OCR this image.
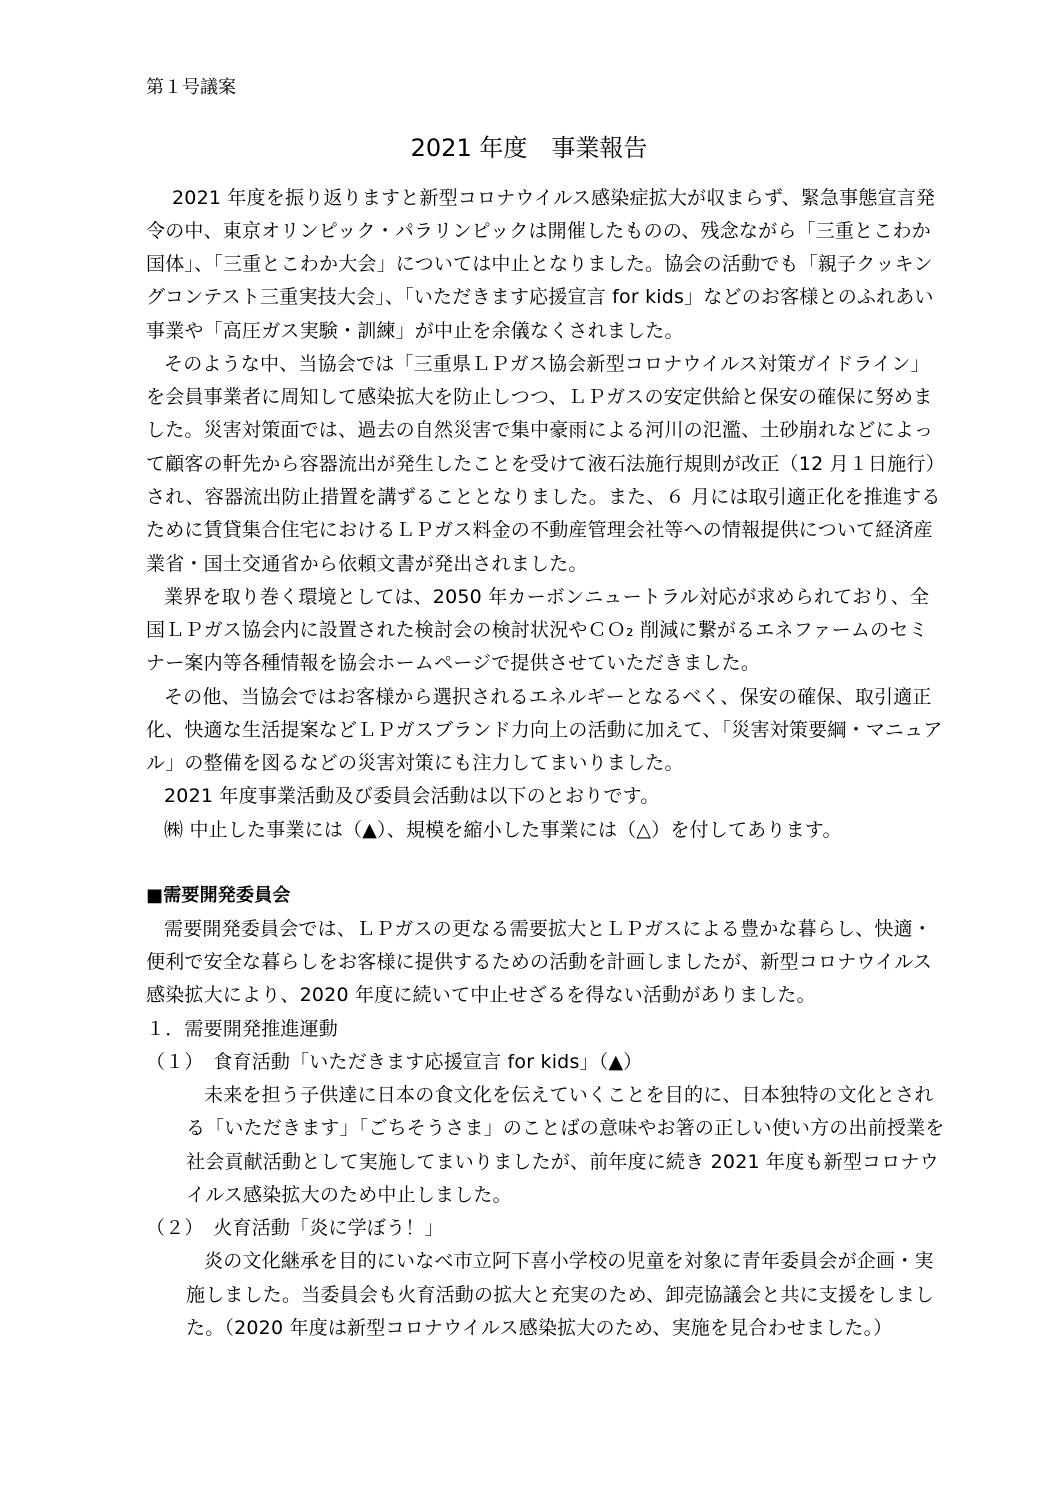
第１号議案
2021 年度　事業報告
2021 年度を振り返りますと新型コロナウイルス感染症拡大が収まらず、緊急事態宣言発
令の中、東京オリンピック・パラリンピックは開催したものの、残念ながら「三重とこわか
国体」、「三重とこわか大会」については中止となりました。協会の活動でも「親子クッキン
グコンテスト三重実技大会」、「いただきます応援宣言 for kids」などのお客様とのふれあい
事業や「高圧ガス実験・訓練」が中止を余儀なくされました。
そのような中、当協会では「三重県ＬＰガス協会新型コロナウイルス対策ガイドライン」
を会員事業者に周知して感染拡大を防止しつつ、ＬＰガスの安定供給と保安の確保に努めま
した。災害対策面では、過去の自然災害で集中豪雨による河川の氾濫、土砂崩れなどによっ
て顧客の軒先から容器流出が発生したことを受けて液石法施行規則が改正（12 月１日施行）
され、容器流出防止措置を講ずることとなりました。また、６ 月には取引適正化を推進する
ために賃貸集合住宅におけるＬＰガス料金の不動産管理会社等への情報提供について経済産
業省・国土交通省から依頼文書が発出されました。
業界を取り巻く環境としては、2050 年カーボンニュートラル対応が求められており、全
国ＬＰガス協会内に設置された検討会の検討状況やＣＯ₂ 削減に繋がるエネファームのセミ
ナー案内等各種情報を協会ホームページで提供させていただきました。
その他、当協会ではお客様から選択されるエネルギーとなるべく、保安の確保、取引適正
化、快適な生活提案などＬＰガスブランド力向上の活動に加えて、「災害対策要綱・マニュア
ル」の整備を図るなどの災害対策にも注力してまいりました。
2021 年度事業活動及び委員会活動は以下のとおりです。
㈱ 中止した事業には（▲）、規模を縮小した事業には（△）を付してあります。
■需要開発委員会
需要開発委員会では、ＬＰガスの更なる需要拡大とＬＰガスによる豊かな暮らし、快適・
便利で安全な暮らしをお客様に提供するための活動を計画しましたが、新型コロナウイルス
感染拡大により、2020 年度に続いて中止せざるを得ない活動がありました。
１．需要開発推進運動
（１）　食育活動「いただきます応援宣言 for kids」（▲）
未来を担う子供達に日本の食文化を伝えていくことを目的に、日本独特の文化とされ
る「いただきます」「ごちそうさま」のことばの意味やお箸の正しい使い方の出前授業を
社会貢献活動として実施してまいりましたが、前年度に続き 2021 年度も新型コロナウ
イルス感染拡大のため中止しました。
（２）　火育活動「炎に学ぼう！」
炎の文化継承を目的にいなべ市立阿下喜小学校の児童を対象に青年委員会が企画・実
施しました。当委員会も火育活動の拡大と充実のため、卸売協議会と共に支援をしまし
た。（2020 年度は新型コロナウイルス感染拡大のため、実施を見合わせました。）
